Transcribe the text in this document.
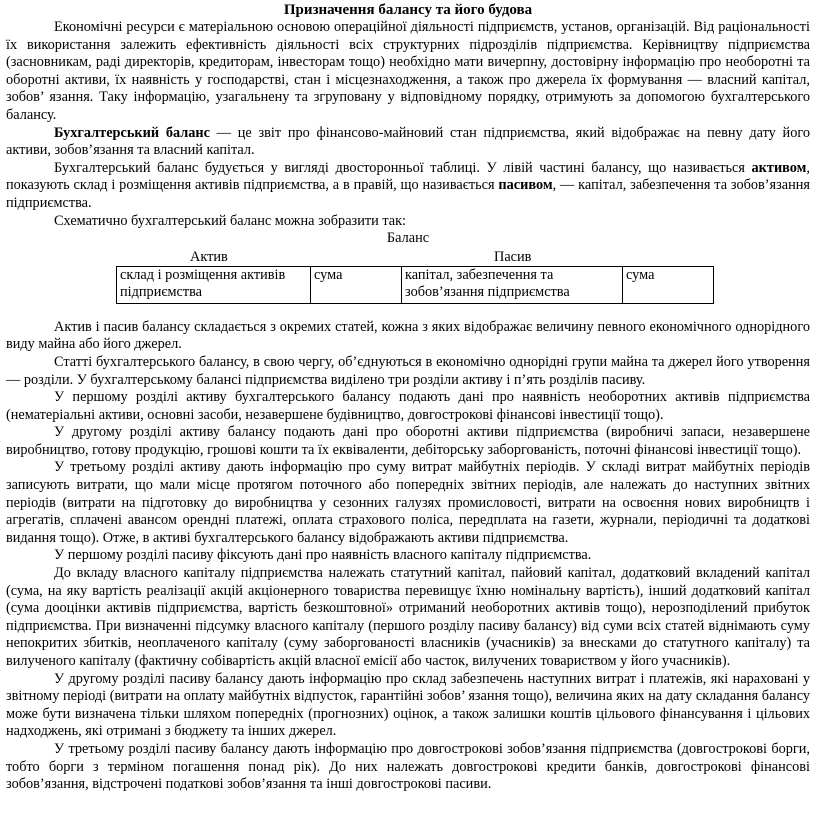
Призначення балансу та його будова

Економічні ресурси є матеріальною основою операційної діяльності підприємств, установ, організацій. Від раціональності їх використання залежить ефективність діяльності всіх структурних підрозділів підприємства. Керівництву підприємства (засновникам, раді директорів, кредиторам, інвесторам тощо) необхідно мати вичерпну, достовірну інформацію про необоротні та оборотні активи, їх наявність у господарстві, стан і місцезнаходження, а також про джерела їх формування — власний капітал, зобов’ язання. Таку інформацію, узагальнену та згруповану у відповідному порядку, отримують за допомогою бухгалтерського балансу.

Бухгалтерський баланс — це звіт про фінансово-майновий стан підприємства, який відображає на певну дату його активи, зобов’язання та власний капітал.

Бухгалтерський баланс будується у вигляді двосторонньої таблиці. У лівій частині балансу, що називається активом, показують склад і розміщення активів підприємства, а в правій, що називається пасивом, — капітал, забезпечення та зобов’язання підприємства.

Схематично бухгалтерський баланс можна зобразити так:

Баланс

Актив	Пасив
склад і розміщення активів підприємства	сума	капітал, забезпечення та зобов’язання підприємства	сума

Актив і пасив балансу складається з окремих статей, кожна з яких відображає величину певного економічного однорідного виду майна або його джерел.

Статті бухгалтерського балансу, в свою чергу, об’єднуються в економічно однорідні групи майна та джерел його утворення — розділи. У бухгалтерському балансі підприємства виділено три розділи активу і п’ять розділів пасиву.

У першому розділі активу бухгалтерського балансу подають дані про наявність необоротних активів підприємства (нематеріальні активи, основні засоби, незавершене будівництво, довгострокові фінансові інвестиції тощо).

У другому розділі активу балансу подають дані про оборотні активи підприємства (виробничі запаси, незавершене виробництво, готову продукцію, грошові кошти та їх еквіваленти, дебіторську заборгованість, поточні фінансові інвестиції тощо).

У третьому розділі активу дають інформацію про суму витрат майбутніх періодів. У складі витрат майбутніх періодів записують витрати, що мали місце протягом поточного або попередніх звітних періодів, але належать до наступних звітних періодів (витрати на підготовку до виробництва у сезонних галузях промисловості, витрати на освоєння нових виробництв і агрегатів, сплачені авансом орендні платежі, оплата страхового поліса, передплата на газети, журнали, періодичні та додаткові видання тощо). Отже, в активі бухгалтерського балансу відображають активи підприємства.

У першому розділі пасиву фіксують дані про наявність власного капіталу підприємства.

До вкладу власного капіталу підприємства належать статутний капітал, пайовий капітал, додатковий вкладений капітал (сума, на яку вартість реалізації акцій акціонерного товариства перевищує їхню номінальну вартість), інший додатковий капітал (сума дооцінки активів підприємства, вартість безкоштовної» отриманий необоротних активів тощо), нерозподілений прибуток підприємства. При визначенні підсумку власного капіталу (першого розділу пасиву балансу) від суми всіх статей віднімають суму непокритих збитків, неоплаченого капіталу (суму заборгованості власників (учасників) за внесками до статутного капіталу) та вилученого капіталу (фактичну собівартість акцій власної емісії або часток, вилучених товариством у його учасників).

У другому розділі пасиву балансу дають інформацію про склад забезпечень наступних витрат і платежів, які нараховані у звітному періоді (витрати на оплату майбутніх відпусток, гарантійні зобов’ язання тощо), величина яких на дату складання балансу може бути визначена тільки шляхом попередніх (прогнозних) оцінок, а також залишки коштів цільового фінансування і цільових надходжень, які отримані з бюджету та інших джерел.

У третьому розділі пасиву балансу дають інформацію про довгострокові зобов’язання підприємства (довгострокові борги, тобто борги з терміном погашення понад рік). До них належать довгострокові кредити банків, довгострокові фінансові зобов’язання, відстрочені податкові зобов’язання та інші довгострокові пасиви.
